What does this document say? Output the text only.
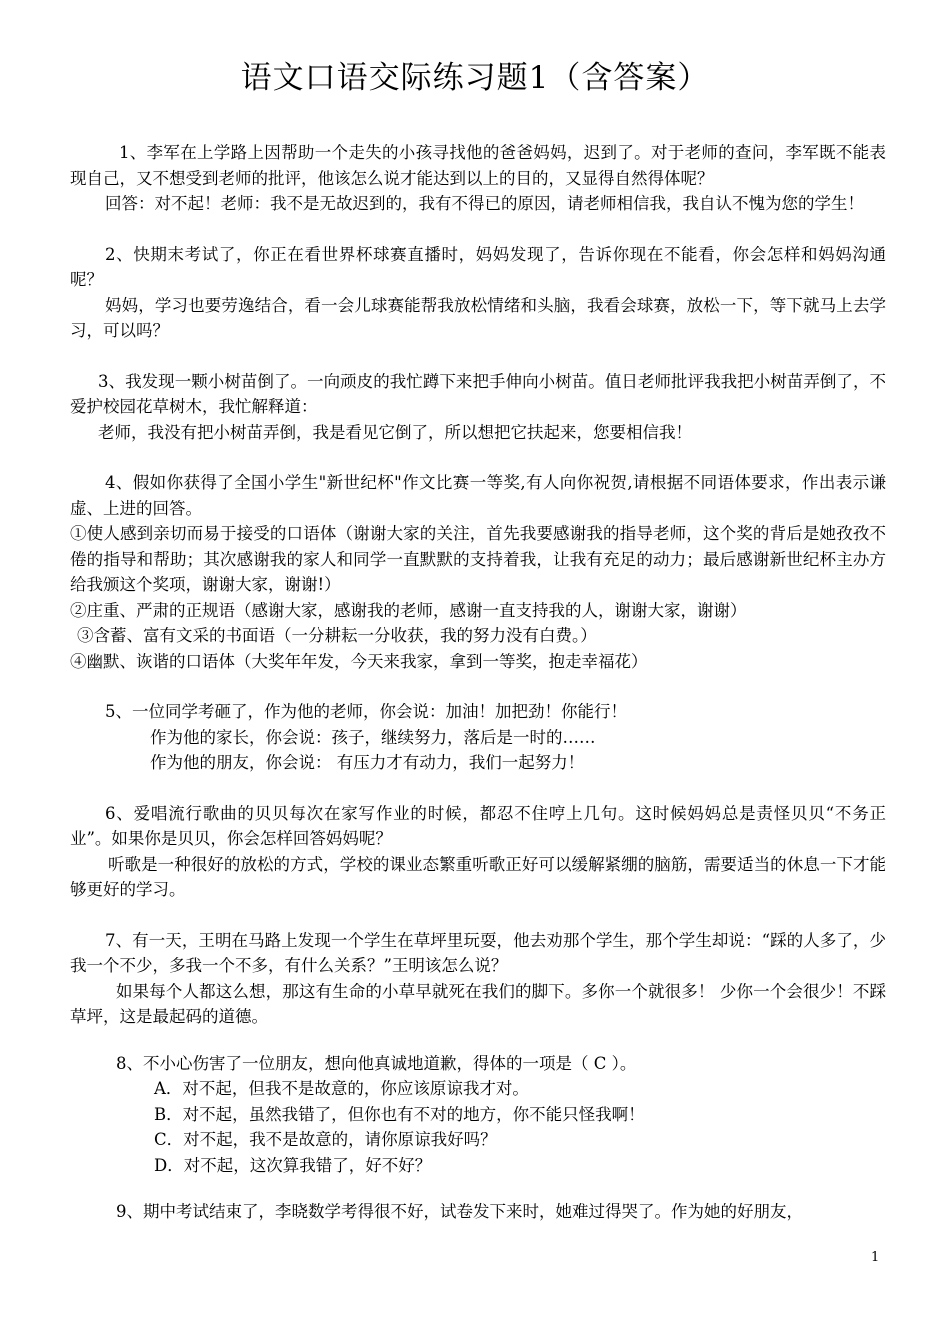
语文口语交际练习题1（含答案）

1、李军在上学路上因帮助一个走失的小孩寻找他的爸爸妈妈，迟到了。对于老师的查问，李军既不能表现自己，又不想受到老师的批评，他该怎么说才能达到以上的目的，又显得自然得体呢？

回答：对不起！老师：我不是无故迟到的，我有不得已的原因，请老师相信我，我自认不愧为您的学生！

2、快期末考试了，你正在看世界杯球赛直播时，妈妈发现了，告诉你现在不能看，你会怎样和妈妈沟通呢？

妈妈，学习也要劳逸结合，看一会儿球赛能帮我放松情绪和头脑，我看会球赛，放松一下，等下就马上去学习，可以吗？

3、我发现一颗小树苗倒了。一向顽皮的我忙蹲下来把手伸向小树苗。值日老师批评我我把小树苗弄倒了，不爱护校园花草树木，我忙解释道：

老师，我没有把小树苗弄倒，我是看见它倒了，所以想把它扶起来，您要相信我！

4、假如你获得了全国小学生"新世纪杯"作文比赛一等奖,有人向你祝贺,请根据不同语体要求，作出表示谦虚、上进的回答。

①使人感到亲切而易于接受的口语体（谢谢大家的关注，首先我要感谢我的指导老师，这个奖的背后是她孜孜不倦的指导和帮助；其次感谢我的家人和同学一直默默的支持着我，让我有充足的动力；最后感谢新世纪杯主办方给我颁这个奖项，谢谢大家，谢谢!）

②庄重、严肃的正规语（感谢大家，感谢我的老师，感谢一直支持我的人，谢谢大家，谢谢）

③含蓄、富有文采的书面语（一分耕耘一分收获，我的努力没有白费。）

④幽默、诙谐的口语体（大奖年年发，今天来我家，拿到一等奖，抱走幸福花）

5、一位同学考砸了，作为他的老师，你会说：加油！加把劲！你能行！

作为他的家长，你会说：孩子，继续努力，落后是一时的……

作为他的朋友，你会说： 有压力才有动力，我们一起努力！

6、爱唱流行歌曲的贝贝每次在家写作业的时候，都忍不住哼上几句。这时候妈妈总是责怪贝贝“不务正业”。如果你是贝贝，你会怎样回答妈妈呢？

听歌是一种很好的放松的方式，学校的课业态繁重听歌正好可以缓解紧绷的脑筋，需要适当的休息一下才能够更好的学习。

7、有一天，王明在马路上发现一个学生在草坪里玩耍，他去劝那个学生，那个学生却说：“踩的人多了，少我一个不少，多我一个不多，有什么关系？”王明该怎么说？

如果每个人都这么想，那这有生命的小草早就死在我们的脚下。多你一个就很多！ 少你一个会很少！不踩草坪，这是最起码的道德。

8、不小心伤害了一位朋友，想向他真诚地道歉，得体的一项是（ C ）。

A．对不起，但我不是故意的，你应该原谅我才对。

B．对不起，虽然我错了，但你也有不对的地方，你不能只怪我啊！

C．对不起，我不是故意的，请你原谅我好吗？

D．对不起，这次算我错了，好不好？

9、期中考试结束了，李晓数学考得很不好，试卷发下来时，她难过得哭了。作为她的好朋友，

1
